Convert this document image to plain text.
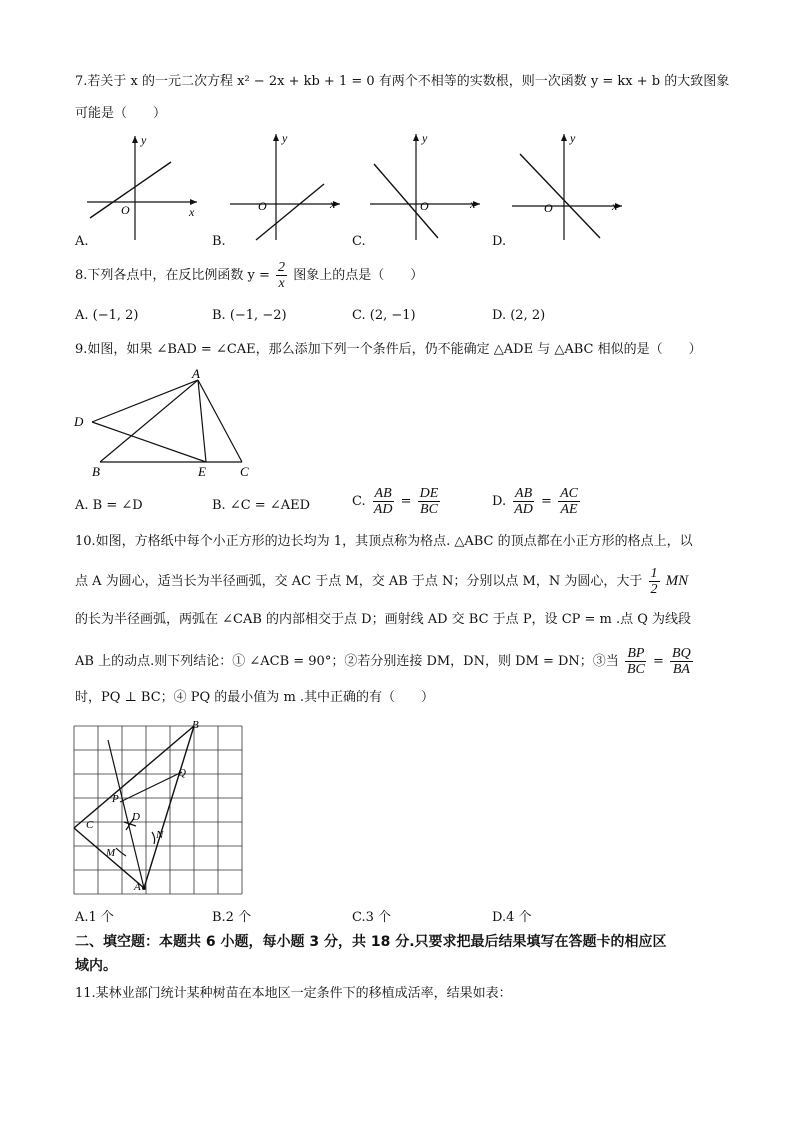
7.若关于 x 的一元二次方程 x² − 2x + kb + 1 = 0 有两个不相等的实数根，则一次函数 y = kx + b 的大致图象
可能是（　　）
y
x
O
A.
y
x
O
B.
y
x
O
C.
y
x
O
D.
8.下列各点中，在反比例函数 $y = \frac{2}{x}$ 图象上的点是（　　）
A. (−1, 2)	B. (−1, −2)	C. (2, −1)	D. (2, 2)
9.如图，如果 ∠BAD = ∠CAE，那么添加下列一个条件后，仍不能确定 △ADE 与 △ABC 相似的是（　　）
A
D
B	E	C
A. B = ∠D	B. ∠C = ∠AED	C. $\frac{AB}{AD} = \frac{DE}{BC}$	D. $\frac{AB}{AD} = \frac{AC}{AE}$
10.如图，方格纸中每个小正方形的边长均为 1，其顶点称为格点. △ABC 的顶点都在小正方形的格点上，以
点 A 为圆心，适当长为半径画弧，交 AC 于点 M，交 AB 于点 N；分别以点 M，N 为圆心，大于 $\frac{1}{2}$ MN
的长为半径画弧，两弧在 ∠CAB 的内部相交于点 D；画射线 AD 交 BC 于点 P，设 CP = m .点 Q 为线段
AB 上的动点.则下列结论：① ∠ACB = 90°；②若分别连接 DM，DN，则 DM = DN；③当 $\frac{BP}{BC} = \frac{BQ}{BA}$
时，PQ ⊥ BC；④ PQ 的最小值为 m .其中正确的有（　　）
B
Q
P
D
C
M
N
A
A.1 个	B.2 个	C.3 个	D.4 个
二、填空题：本题共 6 小题，每小题 3 分，共 18 分.只要求把最后结果填写在答题卡的相应区
域内。
11.某林业部门统计某种树苗在本地区一定条件下的移植成活率，结果如表：
